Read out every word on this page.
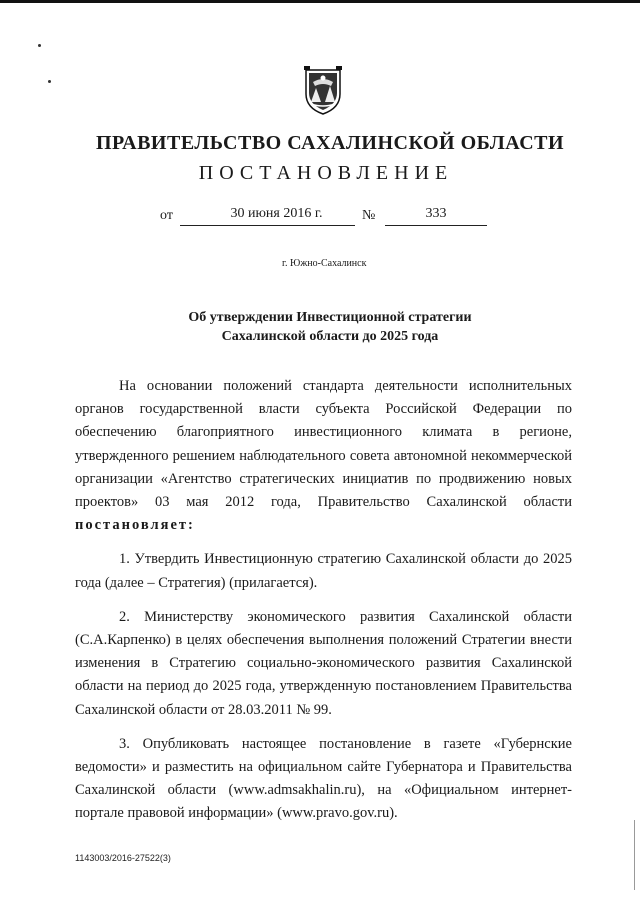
ПРАВИТЕЛЬСТВО САХАЛИНСКОЙ ОБЛАСТИ
ПОСТАНОВЛЕНИЕ
от	30 июня 2016 г.	№	333
г. Южно-Сахалинск
Об утверждении Инвестиционной стратегии
Сахалинской области до 2025 года

На основании положений стандарта деятельности исполнительных органов государственной власти субъекта Российской Федерации по обеспечению благоприятного инвестиционного климата в регионе, утвержденного решением наблюдательного совета автономной некоммерческой организации «Агентство стратегических инициатив по продвижению новых проектов» 03 мая 2012 года, Правительство Сахалинской области постановляет:

1. Утвердить Инвестиционную стратегию Сахалинской области до 2025 года (далее – Стратегия) (прилагается).

2. Министерству экономического развития Сахалинской области (С.А.Карпенко) в целях обеспечения выполнения положений Стратегии внести изменения в Стратегию социально-экономического развития Сахалинской области на период до 2025 года, утвержденную постановлением Правительства Сахалинской области от 28.03.2011 № 99.

3. Опубликовать настоящее постановление в газете «Губернские ведомости» и разместить на официальном сайте Губернатора и Правительства Сахалинской области (www.admsakhalin.ru), на «Официальном интернет-портале правовой информации» (www.pravo.gov.ru).

1143003/2016-27522(3)
